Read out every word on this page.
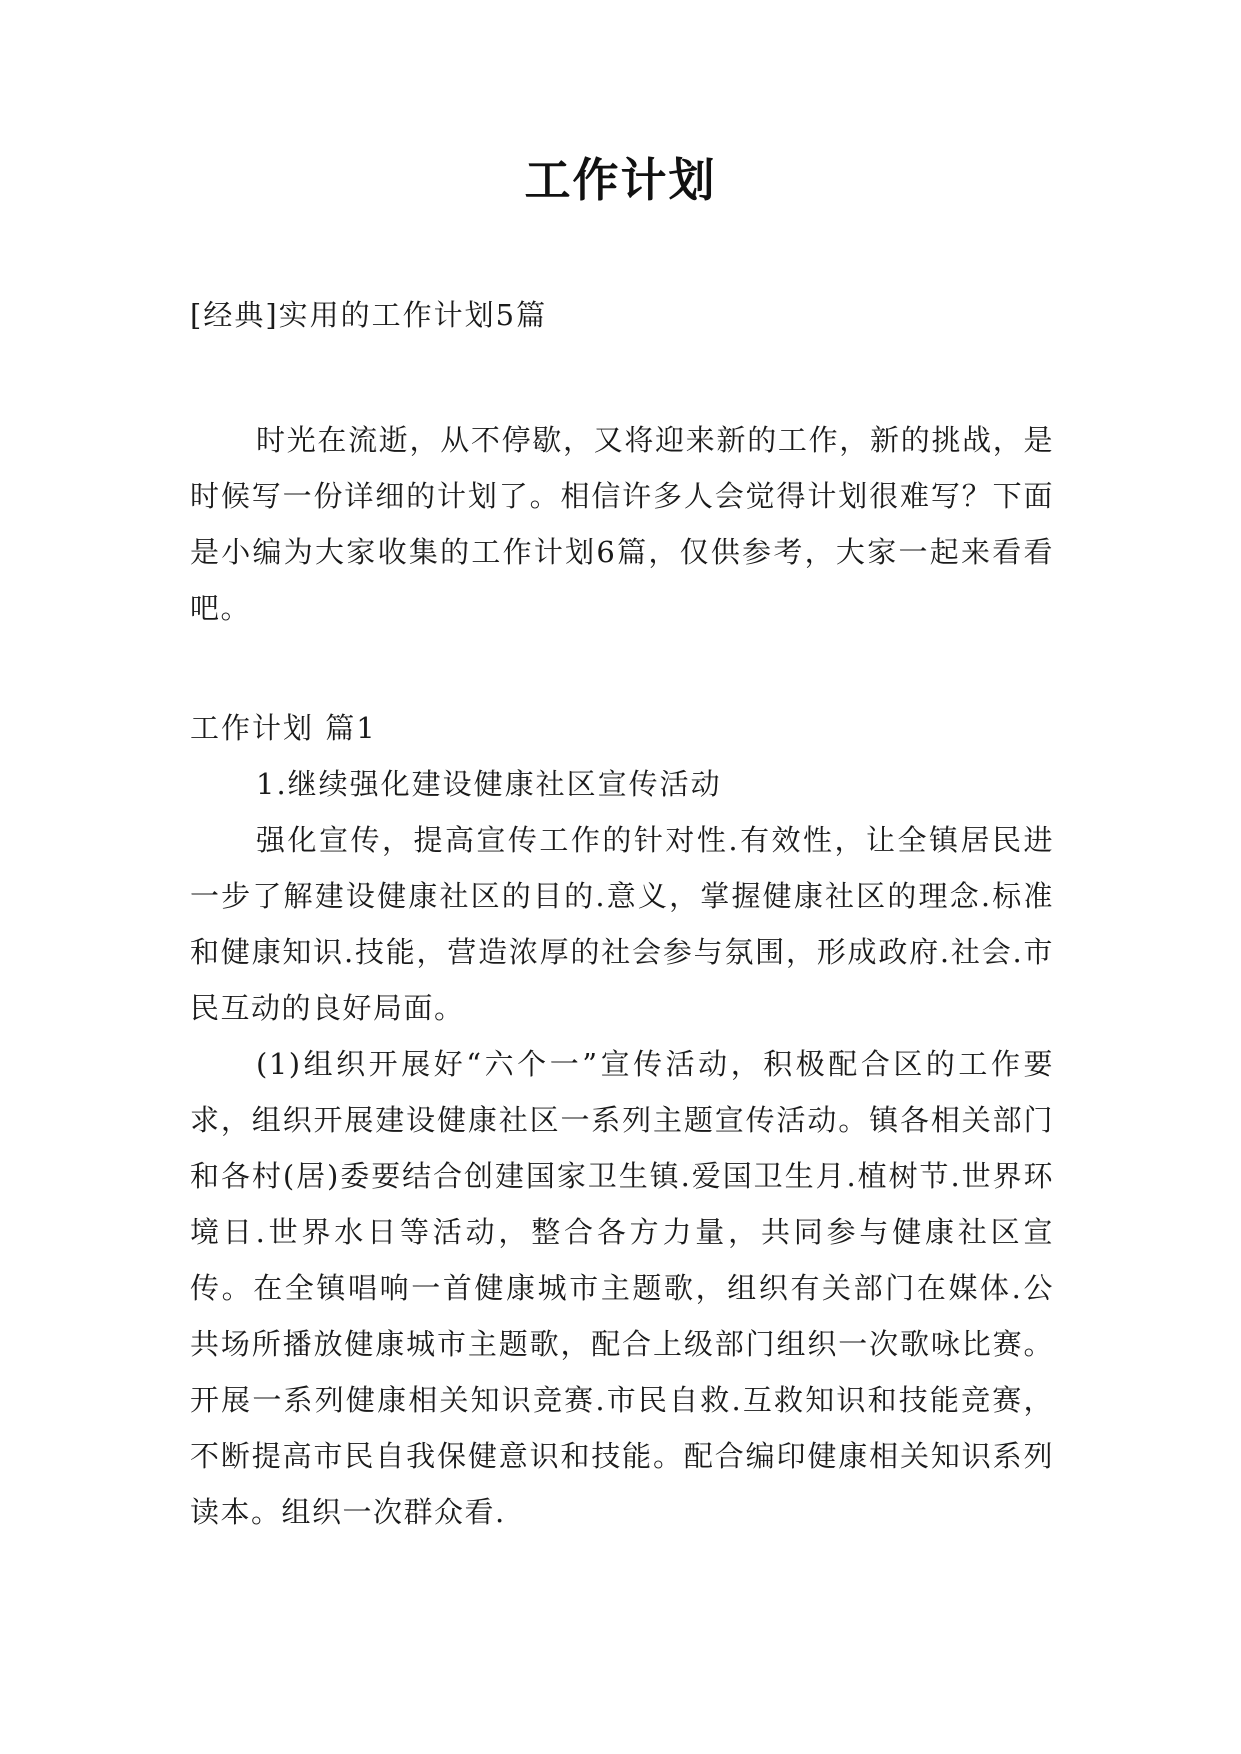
工作计划
[经典]实用的工作计划5篇

时光在流逝，从不停歇，又将迎来新的工作，新的挑战，是时候写一份详细的计划了。相信许多人会觉得计划很难写？下面是小编为大家收集的工作计划6篇，仅供参考，大家一起来看看吧。

工作计划 篇1

1.继续强化建设健康社区宣传活动

强化宣传，提高宣传工作的针对性.有效性，让全镇居民进一步了解建设健康社区的目的.意义，掌握健康社区的理念.标准和健康知识.技能，营造浓厚的社会参与氛围，形成政府.社会.市民互动的良好局面。

(1)组织开展好“六个一”宣传活动，积极配合区的工作要求，组织开展建设健康社区一系列主题宣传活动。镇各相关部门和各村(居)委要结合创建国家卫生镇.爱国卫生月.植树节.世界环境日.世界水日等活动，整合各方力量，共同参与健康社区宣传。在全镇唱响一首健康城市主题歌，组织有关部门在媒体.公共场所播放健康城市主题歌，配合上级部门组织一次歌咏比赛。开展一系列健康相关知识竞赛.市民自救.互救知识和技能竞赛，不断提高市民自我保健意识和技能。配合编印健康相关知识系列读本。组织一次群众看.
